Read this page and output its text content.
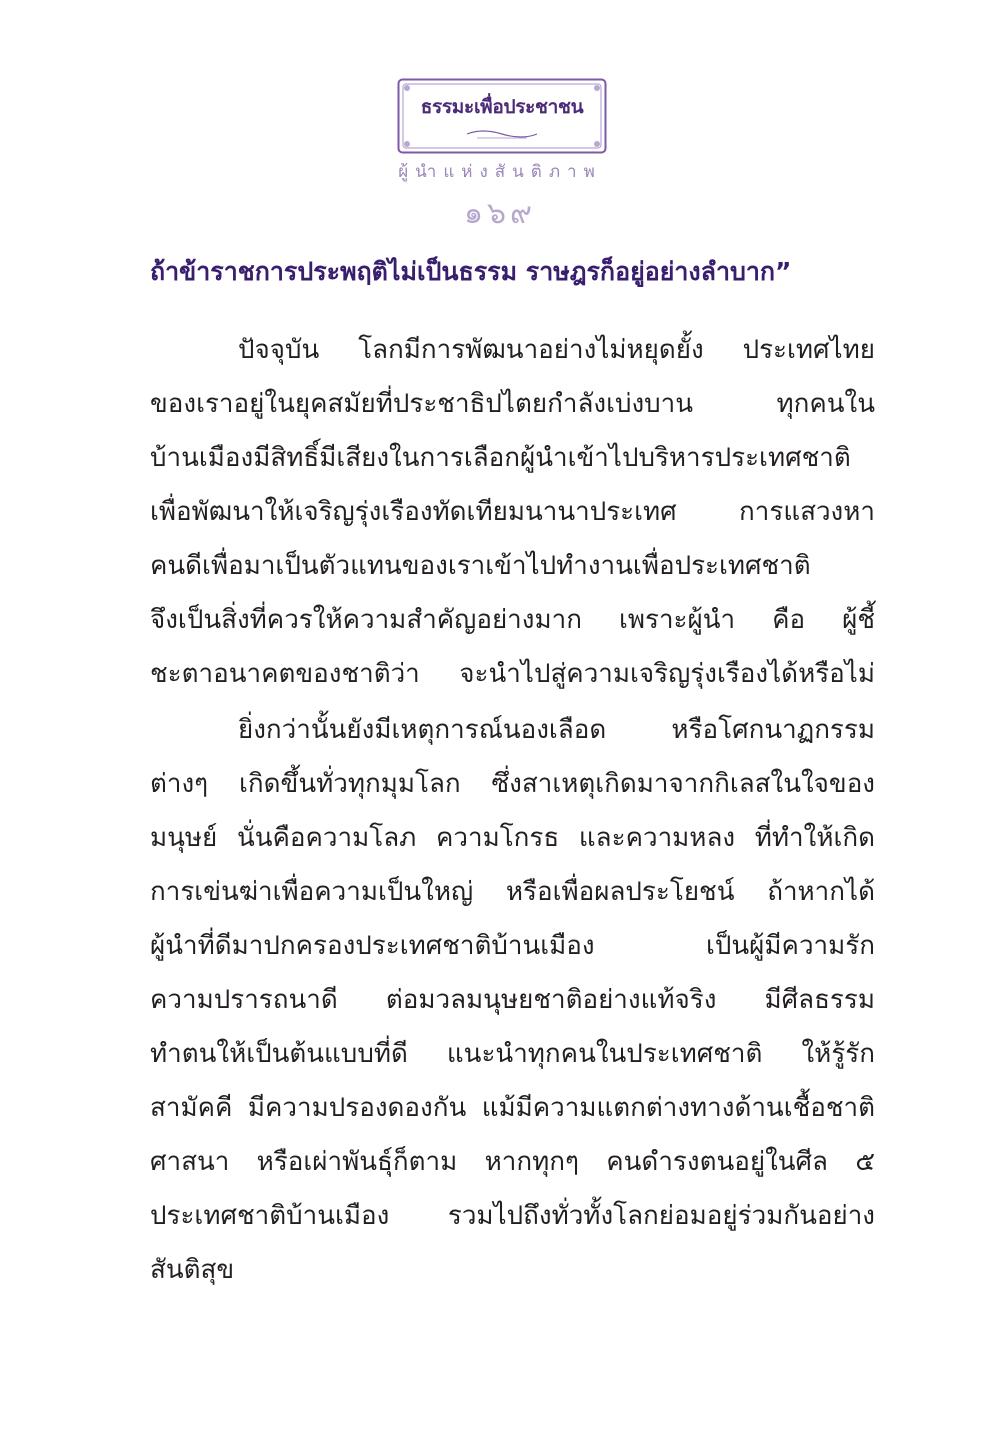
ธรรมะเพื่อประชาชน
ผู้นำแห่งสันติภาพ
๑๖๙
ถ้าข้าราชการประพฤติไม่เป็นธรรม ราษฎรก็อยู่อย่างลำบาก”
ปัจจุบัน โลกมีการพัฒนาอย่างไม่หยุดยั้ง ประเทศไทย
ของเราอยู่ในยุคสมัยที่ประชาธิปไตยกำลังเบ่งบาน ทุกคนใน
บ้านเมืองมีสิทธิ์มีเสียงในการเลือกผู้นำเข้าไปบริหารประเทศชาติ
เพื่อพัฒนาให้เจริญรุ่งเรืองทัดเทียมนานาประเทศ การแสวงหา
คนดีเพื่อมาเป็นตัวแทนของเราเข้าไปทำงานเพื่อประเทศชาติ
จึงเป็นสิ่งที่ควรให้ความสำคัญอย่างมาก เพราะผู้นำ คือ ผู้ชี้
ชะตาอนาคตของชาติว่า จะนำไปสู่ความเจริญรุ่งเรืองได้หรือไม่
ยิ่งกว่านั้นยังมีเหตุการณ์นองเลือด หรือโศกนาฏกรรม
ต่างๆ เกิดขึ้นทั่วทุกมุมโลก ซึ่งสาเหตุเกิดมาจากกิเลสในใจของ
มนุษย์ นั่นคือความโลภ ความโกรธ และความหลง ที่ทำให้เกิด
การเข่นฆ่าเพื่อความเป็นใหญ่ หรือเพื่อผลประโยชน์ ถ้าหากได้
ผู้นำที่ดีมาปกครองประเทศชาติบ้านเมือง เป็นผู้มีความรัก
ความปรารถนาดี ต่อมวลมนุษยชาติอย่างแท้จริง มีศีลธรรม
ทำตนให้เป็นต้นแบบที่ดี แนะนำทุกคนในประเทศชาติ ให้รู้รัก
สามัคคี มีความปรองดองกัน แม้มีความแตกต่างทางด้านเชื้อชาติ
ศาสนา หรือเผ่าพันธุ์ก็ตาม หากทุกๆ คนดำรงตนอยู่ในศีล ๕
ประเทศชาติบ้านเมือง รวมไปถึงทั่วทั้งโลกย่อมอยู่ร่วมกันอย่าง
สันติสุข
